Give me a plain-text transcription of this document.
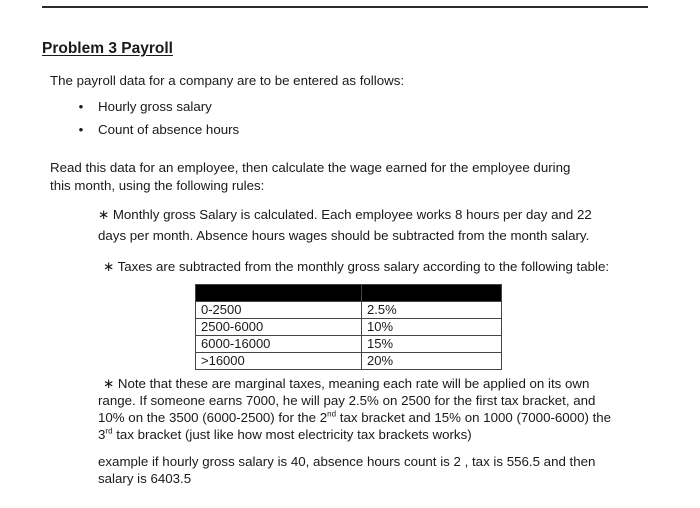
Problem 3 Payroll

The payroll data for a company are to be entered as follows:

•	Hourly gross salary
•	Count of absence hours

Read this data for an employee, then calculate the wage earned for the employee during

this month, using the following rules:

∗ Monthly gross Salary is calculated. Each employee works 8 hours per day and 22

days per month. Absence hours wages should be subtracted from the month salary.

∗ Taxes are subtracted from the monthly gross salary according to the following table:

0-2500	2.5%
2500-6000	10%
6000-16000	15%
>16000	20%

∗ Note that these are marginal taxes, meaning each rate will be applied on its own

range. If someone earns 7000, he will pay 2.5% on 2500 for the first tax bracket, and

10% on the 3500 (6000-2500) for the 2nd tax bracket and 15% on 1000 (7000-6000) the

3rd tax bracket (just like how most electricity tax brackets works)

example if hourly gross salary is 40, absence hours count is 2 , tax is 556.5 and then

salary is 6403.5
